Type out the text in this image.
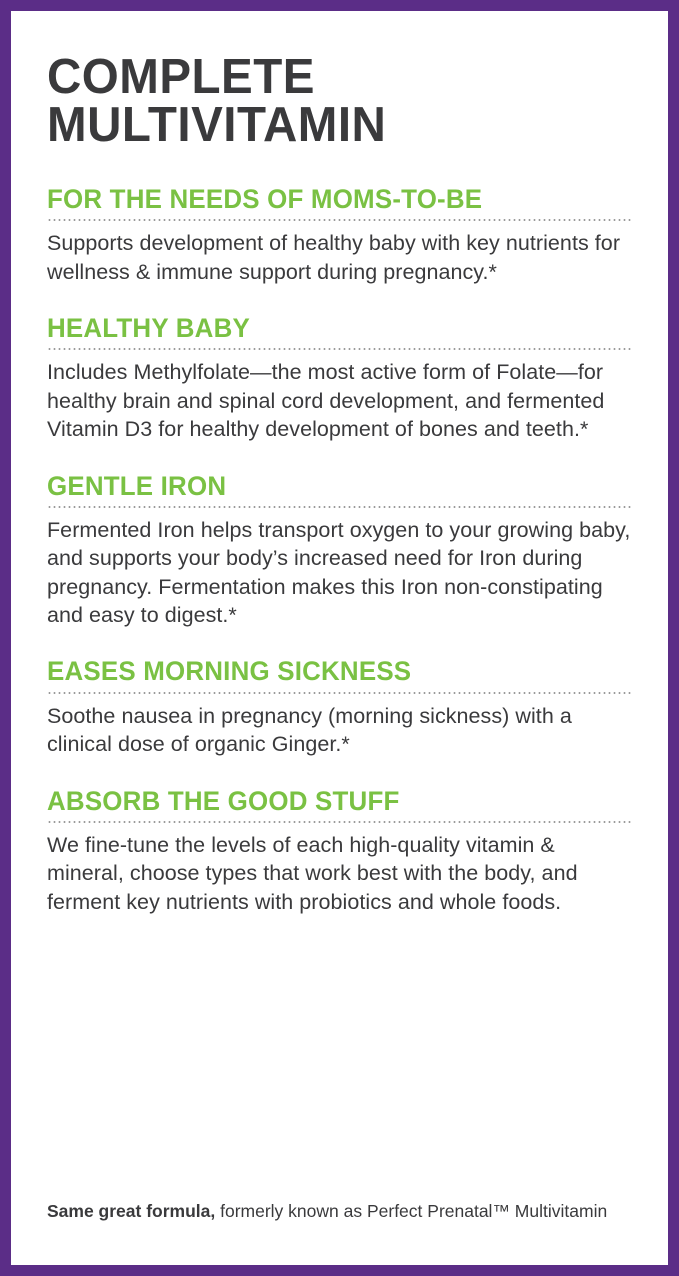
COMPLETE
MULTIVITAMIN
FOR THE NEEDS OF MOMS-TO-BE
Supports development of healthy baby with key nutrients for wellness & immune support during pregnancy.*
HEALTHY BABY
Includes Methylfolate—the most active form of Folate—for healthy brain and spinal cord development, and fermented Vitamin D3 for healthy development of bones and teeth.*
GENTLE IRON
Fermented Iron helps transport oxygen to your growing baby, and supports your body’s increased need for Iron during pregnancy. Fermentation makes this Iron non-constipating and easy to digest.*
EASES MORNING SICKNESS
Soothe nausea in pregnancy (morning sickness) with a clinical dose of organic Ginger.*
ABSORB THE GOOD STUFF
We fine-tune the levels of each high-quality vitamin & mineral, choose types that work best with the body, and ferment key nutrients with probiotics and whole foods.
Same great formula, formerly known as Perfect Prenatal™ Multivitamin
